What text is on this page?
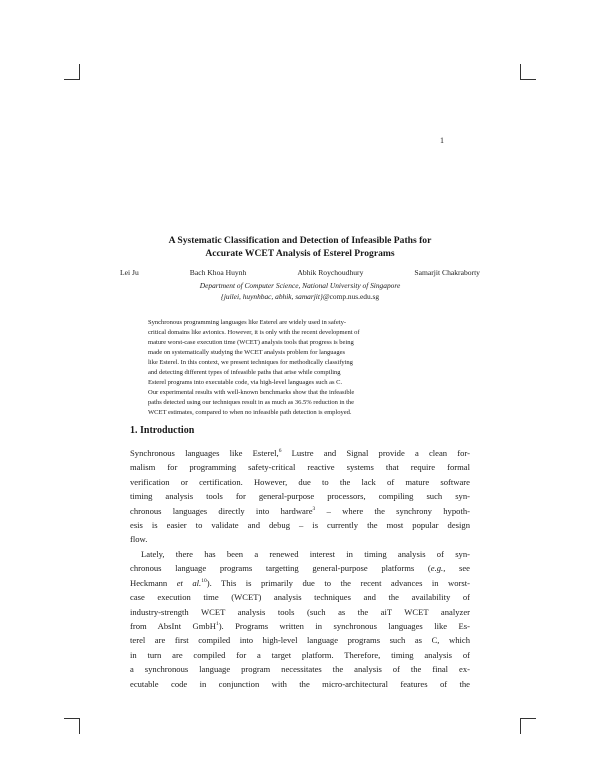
1
A Systematic Classification and Detection of Infeasible Paths for
Accurate WCET Analysis of Esterel Programs
Lei Ju	Bach Khoa Huynh	Abhik Roychoudhury	Samarjit Chakraborty
Department of Computer Science, National University of Singapore
{juilei, huynhbac, abhik, samarjit}@comp.nus.edu.sg
Synchronous programming languages like Esterel are widely used in safety-
critical domains like avionics. However, it is only with the recent development of
mature worst-case execution time (WCET) analysis tools that progress is being
made on systematically studying the WCET analysis problem for languages
like Esterel. In this context, we present techniques for methodically classifying
and detecting different types of infeasible paths that arise while compiling
Esterel programs into executable code, via high-level languages such as C.
Our experimental results with well-known benchmarks show that the infeasible
paths detected using our techniques result in as much as 36.5% reduction in the
WCET estimates, compared to when no infeasible path detection is employed.
1. Introduction
Synchronous languages like Esterel,$^6$ Lustre and Signal provide a clean for-
malism for programming safety-critical reactive systems that require formal
verification or certification. However, due to the lack of mature software
timing analysis tools for general-purpose processors, compiling such syn-
chronous languages directly into hardware$^3$ – where the synchrony hypoth-
esis is easier to validate and debug – is currently the most popular design
flow.
Lately, there has been a renewed interest in timing analysis of syn-
chronous language programs targetting general-purpose platforms (e.g., see
Heckmann et al.$^{10}$). This is primarily due to the recent advances in worst-
case execution time (WCET) analysis techniques and the availability of
industry-strength WCET analysis tools (such as the aiT WCET analyzer
from AbsInt GmbH$^1$). Programs written in synchronous languages like Es-
terel are first compiled into high-level language programs such as C, which
in turn are compiled for a target platform. Therefore, timing analysis of
a synchronous language program necessitates the analysis of the final ex-
ecutable code in conjunction with the micro-architectural features of the
